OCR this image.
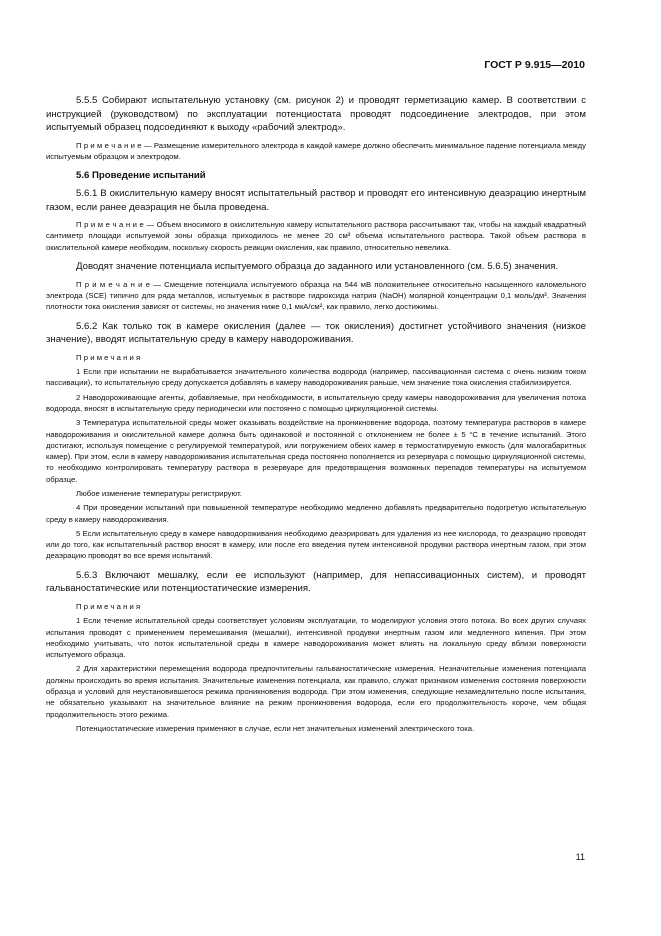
ГОСТ Р 9.915—2010

5.5.5 Собирают испытательную установку (см. рисунок 2) и проводят герметизацию камер. В соответствии с инструкцией (руководством) по эксплуатации потенциостата проводят подсоединение электродов, при этом испытуемый образец подсоединяют к выходу «рабочий электрод».

П р и м е ч а н и е — Размещение измерительного электрода в каждой камере должно обеспечить минимальное падение потенциала между испытуемым образцом и электродом.

5.6 Проведение испытаний

5.6.1 В окислительную камеру вносят испытательный раствор и проводят его интенсивную деаэрацию инертным газом, если ранее деаэрация не была проведена.

П р и м е ч а н и е — Объем вносимого в окислительную камеру испытательного раствора рассчитывают так, чтобы на каждый квадратный сантиметр площади испытуемой зоны образца приходилось не менее 20 см³ объема испытательного раствора. Такой объем раствора в окислительной камере необходим, поскольку скорость реакции окисления, как правило, относительно невелика.

Доводят значение потенциала испытуемого образца до заданного или установленного (см. 5.6.5) значения.

П р и м е ч а н и е — Смещение потенциала испытуемого образца на 544 мВ положительнее относительно насыщенного каломельного электрода (SCE) типично для ряда металлов, испытуемых в растворе гидроксида натрия (NaOH) молярной концентрации 0,1 моль/дм³. Значения плотности тока окисления зависят от системы, но значения ниже 0,1 мкА/см², как правило, легко достижимы.

5.6.2 Как только ток в камере окисления (далее — ток окисления) достигнет устойчивого значения (низкое значение), вводят испытательную среду в камеру наводороживания.

Примечания

1 Если при испытании не вырабатывается значительного количества водорода (например, пассивационная система с очень низким током пассивации), то испытательную среду допускается добавлять в камеру наводороживания раньше, чем значение тока окисления стабилизируется.

2 Наводороживающие агенты, добавляемые, при необходимости, в испытательную среду камеры наводороживания для увеличения потока водорода, вносят в испытательную среду периодически или постоянно с помощью циркуляционной системы.

3 Температура испытательной среды может оказывать воздействие на проникновение водорода, поэтому температура растворов в камере наводороживания и окислительной камере должна быть одинаковой и постоянной с отклонением не более ± 5 °C в течение испытаний. Этого достигают, используя помещение с регулируемой температурой, или погружением обеих камер в термостатируемую емкость (для малогабаритных камер). При этом, если в камеру наводороживания испытательная среда постоянно пополняется из резервуара с помощью циркуляционной системы, то необходимо контролировать температуру раствора в резервуаре для предотвращения возможных перепадов температуры на испытуемом образце.

Любое изменение температуры регистрируют.

4 При проведении испытаний при повышенной температуре необходимо медленно добавлять предварительно подогретую испытательную среду в камеру наводороживания.

5 Если испытательную среду в камере наводороживания необходимо деаэрировать для удаления из нее кислорода, то деаэрацию проводят или до того, как испытательный раствор вносят в камеру, или после его введения путем интенсивной продувки раствора инертным газом, при этом деаэрацию проводят во все время испытаний.

5.6.3 Включают мешалку, если ее используют (например, для непассивационных систем), и проводят гальваностатические или потенциостатические измерения.

Примечания

1 Если течение испытательной среды соответствует условиям эксплуатации, то моделируют условия этого потока. Во всех других случаях испытания проводят с применением перемешивания (мешалки), интенсивной продувки инертным газом или медленного кипения. При этом необходимо учитывать, что поток испытательной среды в камере наводороживания может влиять на локальную среду вблизи поверхности испытуемого образца.

2 Для характеристики перемещения водорода предпочтительны гальваностатические измерения. Незначительные изменения потенциала должны происходить во время испытания. Значительные изменения потенциала, как правило, служат признаком изменения состояния поверхности образца и условий для неустановившегося режима проникновения водорода. При этом изменения, следующие незамедлительно после испытания, не обязательно указывают на значительное влияние на режим проникновения водорода, если его продолжительность короче, чем общая продолжительность этого режима.

Потенциостатические измерения применяют в случае, если нет значительных изменений электрического тока.

11
